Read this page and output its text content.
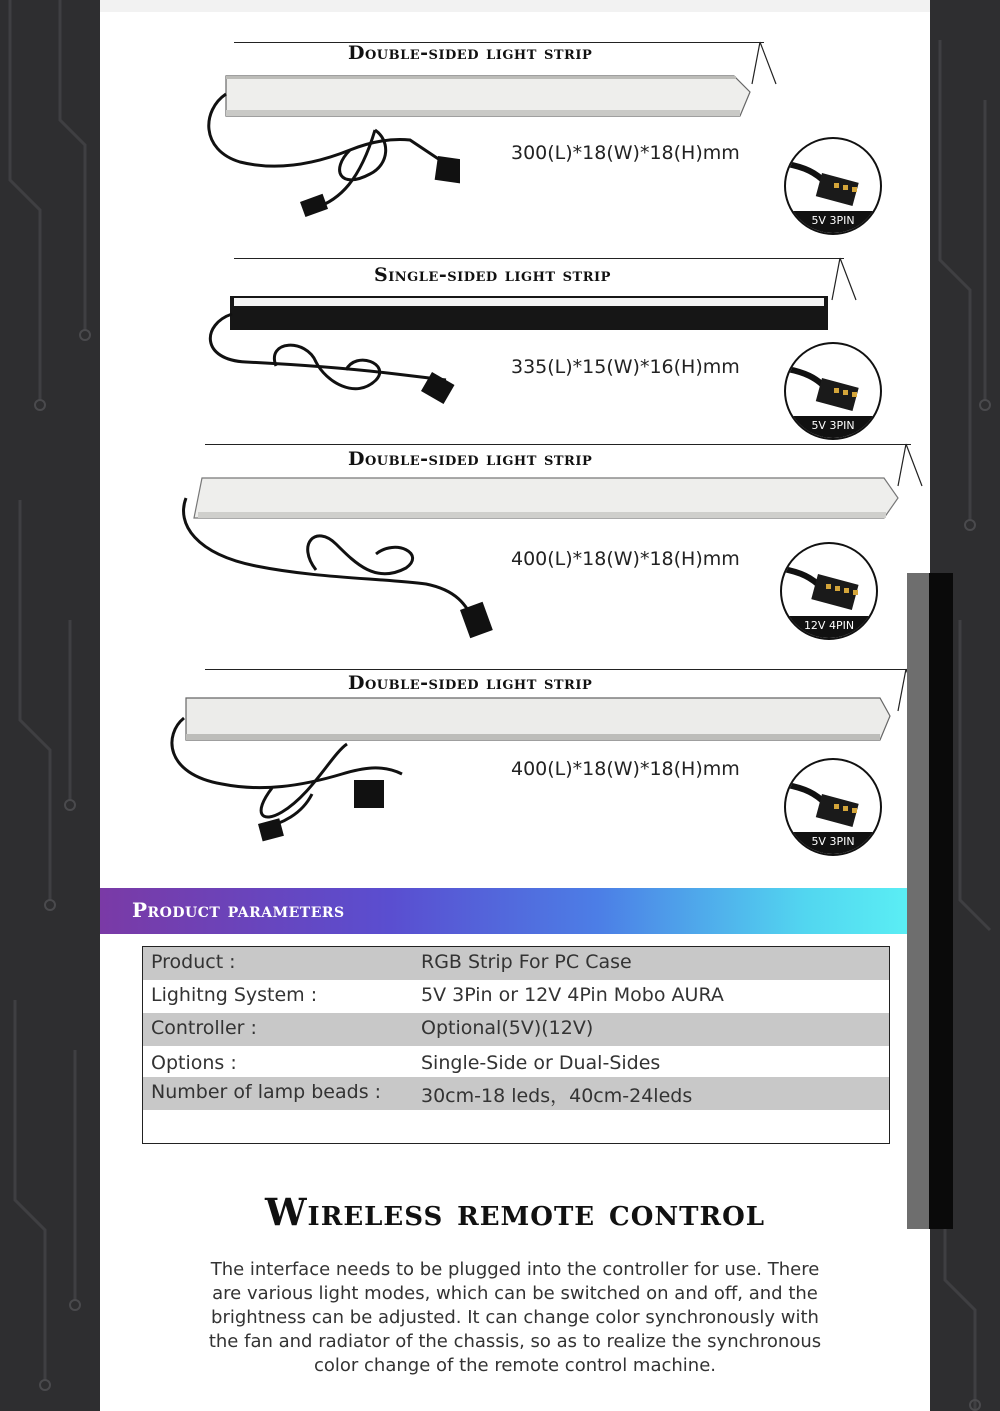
Double-sided light strip
300(L)*18(W)*18(H)mm
5V 3PIN
Single-sided light strip
335(L)*15(W)*16(H)mm
5V 3PIN
Double-sided light strip
400(L)*18(W)*18(H)mm
12V 4PIN
Double-sided light strip
400(L)*18(W)*18(H)mm
5V 3PIN
Product parameters
Product :	RGB Strip For PC Case
Lighitng System :	5V 3Pin or 12V 4Pin Mobo AURA
Controller :	Optional(5V)(12V)
Options :	Single-Side or Dual-Sides
Number of lamp beads : 30cm-18 leds，40cm-24leds
Wireless remote control
The interface needs to be plugged into the controller for use. There are various light modes, which can be switched on and off, and the brightness can be adjusted. It can change color synchronously with the fan and radiator of the chassis, so as to realize the synchronous color change of the remote control machine.
